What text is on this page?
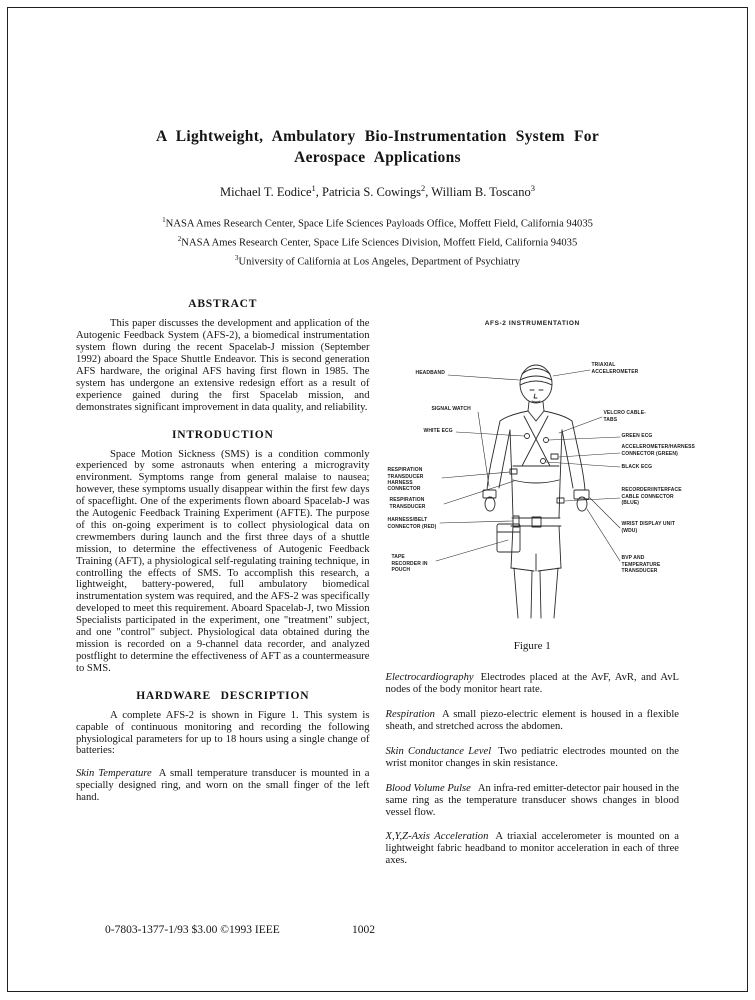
A Lightweight, Ambulatory Bio-Instrumentation System For
Aerospace Applications
Michael T. Eodice$^1$, Patricia S. Cowings$^2$, William B. Toscano$^3$
$^1$NASA Ames Research Center, Space Life Sciences Payloads Office, Moffett Field, California 94035
$^2$NASA Ames Research Center, Space Life Sciences Division, Moffett Field, California 94035
$^3$University of California at Los Angeles, Department of Psychiatry
ABSTRACT

This paper discusses the development and application of the Autogenic Feedback System (AFS-2), a biomedical instrumentation system flown during the recent Spacelab-J mission (September 1992) aboard the Space Shuttle Endeavor. This is second generation AFS hardware, the original AFS having first flown in 1985. The system has undergone an extensive redesign effort as a result of experience gained during the first Spacelab mission, and demonstrates significant improvement in data quality, and reliability.

INTRODUCTION

Space Motion Sickness (SMS) is a condition commonly experienced by some astronauts when entering a microgravity environment. Symptoms range from general malaise to nausea; however, these symptoms usually disappear within the first few days of spaceflight. One of the experiments flown aboard Spacelab-J was the Autogenic Feedback Training Experiment (AFTE). The purpose of this on-going experiment is to collect physiological data on crewmembers during launch and the first three days of a shuttle mission, to determine the effectiveness of Autogenic Feedback Training (AFT), a physiological self-regulating training technique, in controlling the effects of SMS. To accomplish this research, a lightweight, battery-powered, full ambulatory biomedical instrumentation system was required, and the AFS-2 was specifically developed to meet this requirement. Aboard Spacelab-J, two Mission Specialists participated in the experiment, one "treatment" subject, and one "control" subject. Physiological data obtained during the mission is recorded on a 9-channel data recorder, and analyzed postflight to determine the effectiveness of AFT as a countermeasure to SMS.

HARDWARE DESCRIPTION

A complete AFS-2 is shown in Figure 1. This system is capable of continuous monitoring and recording the following physiological parameters for up to 18 hours using a single change of batteries:

Skin Temperature A small temperature transducer is mounted in a specially designed ring, and worn on the small finger of the left hand.

AFS-2 INSTRUMENTATION
HEADBAND
TRIAXIAL ACCELEROMETER
SIGNAL WATCH
VELCRO CABLE-TABS
WHITE ECG
GREEN ECG
ACCELEROMETER/HARNESS CONNECTOR (GREEN)
BLACK ECG
RESPIRATION TRANSDUCER HARNESS CONNECTOR
RESPIRATION TRANSDUCER
RECORDER/INTERFACE CABLE CONNECTOR (BLUE)
HARNESS/BELT CONNECTOR (RED)	WRIST DISPLAY UNIT (WDU)
TAPE RECORDER IN POUCH
BVP AND TEMPERATURE TRANSDUCER
Figure 1

Electrocardiography Electrodes placed at the AvF, AvR, and AvL nodes of the body monitor heart rate.

Respiration A small piezo-electric element is housed in a flexible sheath, and stretched across the abdomen.

Skin Conductance Level Two pediatric electrodes mounted on the wrist monitor changes in skin resistance.

Blood Volume Pulse An infra-red emitter-detector pair housed in the same ring as the temperature transducer shows changes in blood vessel flow.

X,Y,Z-Axis Acceleration A triaxial accelerometer is mounted on a lightweight fabric headband to monitor acceleration in each of three axes.

0-7803-1377-1/93 $3.00 ©1993 IEEE	1002
